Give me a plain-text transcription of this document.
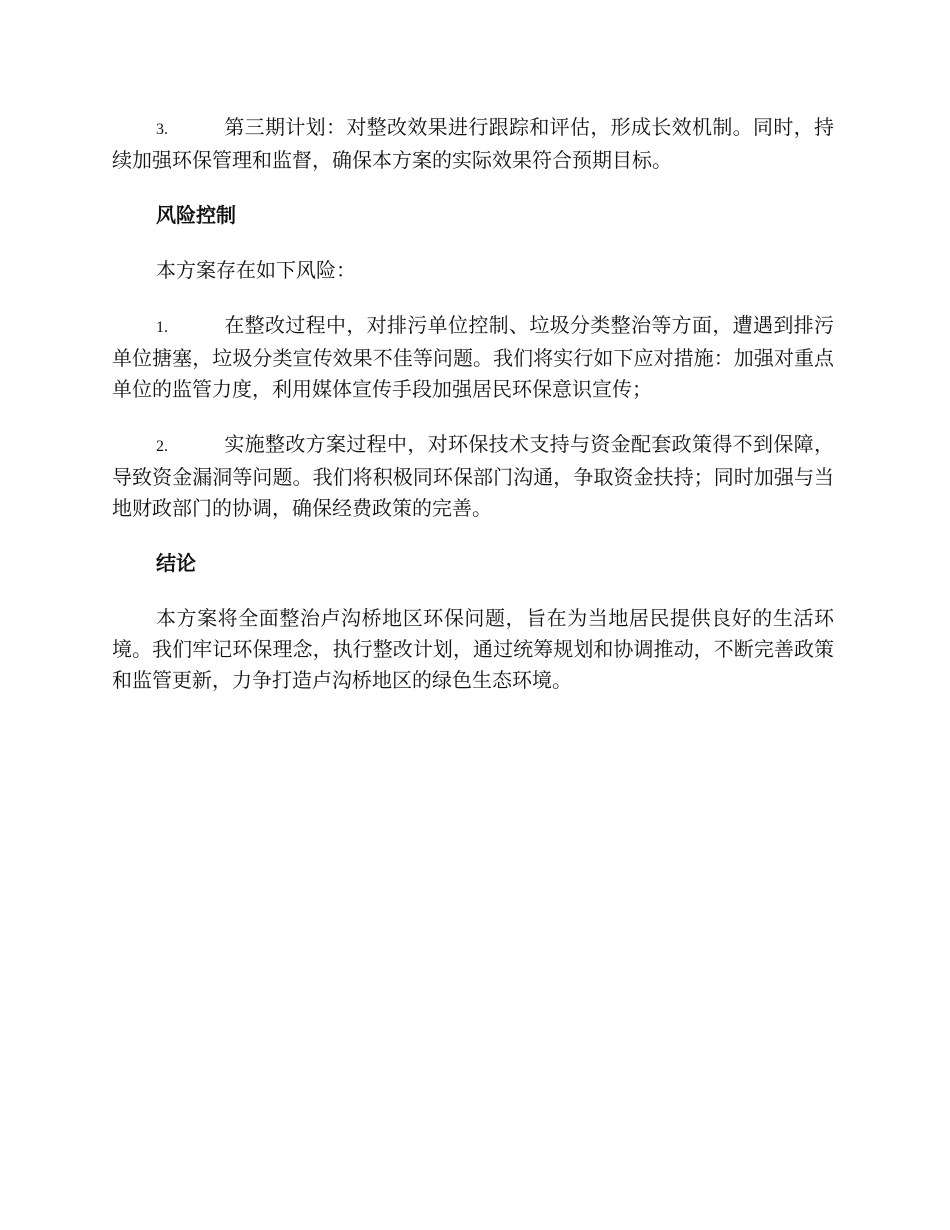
3.	第三期计划：对整改效果进行跟踪和评估，形成长效机制。同时，持续加强环保管理和监督，确保本方案的实际效果符合预期目标。

风险控制

本方案存在如下风险：

1.	在整改过程中，对排污单位控制、垃圾分类整治等方面，遭遇到排污单位搪塞，垃圾分类宣传效果不佳等问题。我们将实行如下应对措施：加强对重点单位的监管力度，利用媒体宣传手段加强居民环保意识宣传；

2.	实施整改方案过程中，对环保技术支持与资金配套政策得不到保障，导致资金漏洞等问题。我们将积极同环保部门沟通，争取资金扶持；同时加强与当地财政部门的协调，确保经费政策的完善。

结论

本方案将全面整治卢沟桥地区环保问题，旨在为当地居民提供良好的生活环境。我们牢记环保理念，执行整改计划，通过统筹规划和协调推动，不断完善政策和监管更新，力争打造卢沟桥地区的绿色生态环境。
